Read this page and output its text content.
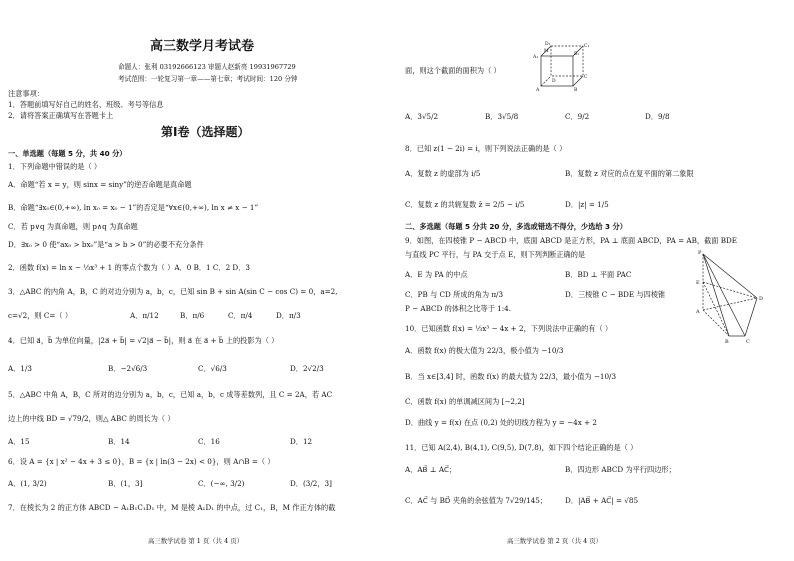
高三数学月考试卷
命题人：张利 03192666123 审题人赵新亮 19931967729
考试范围：一轮复习第一章——第七章；考试时间：120 分钟
注意事项：
1．答题前填写好自己的姓名、班级、考号等信息
2．请将答案正确填写在答题卡上
第Ⅰ卷（选择题）
一、单选题（每题 5 分，共 40 分）
1．下列命题中错误的是（ ）
A．命题“若 x = y，则 sinx = siny”的逆否命题是真命题
B．命题“∃x₀∈(0,+∞), ln x₀ = x₀ − 1”的否定是“∀x∈(0,+∞), ln x ≠ x − 1”
C．若 p∨q 为真命题，则 p∧q 为真命题
D．∃x₀ > 0 使“ax₀ > bx₀”是“a > b > 0”的必要不充分条件
2．函数 f(x) = ln x − ⅓x³ + 1 的零点个数为（ ）A．0 B．1 C．2 D．3
3．△ABC 的内角 A，B，C 的对边分别为 a，b，c，已知 sin B + sin A(sin C − cos C) = 0，a=2,
c=√2，则 C=（ ）	A．π/12	B．π/6	C．π/4	D．π/3
4．已知 a⃗，b⃗ 为单位向量，|2a⃗ + b⃗| = √2|a⃗ − b⃗|，则 a⃗ 在 a⃗ + b⃗ 上的投影为（ ）
A．1/3	B．−2√6/3	C．√6/3	D．2√2/3
5．△ABC 中角 A，B，C 所对的边分别为 a，b，c，已知 a，b，c 成等差数列，且 C = 2A，若 AC
边上的中线 BD = √79/2，则△ ABC 的周长为（ ）
A．15	B．14	C．16	D．12
6．设 A = {x | x² − 4x + 3 ≤ 0}，B = {x | ln(3 − 2x) < 0}，则 A∩B =（ ）
A．(1, 3/2)	B．(1，3]	C．(−∞, 3/2)	D．(3/2，3]
7．在棱长为 2 的正方体 ABCD − A₁B₁C₁D₁ 中，M 是棱 A₁D₁ 的中点，过 C₁，B，M 作正方体的截
高三数学试卷 第 1 页（共 4 页）
D₁	C₁
A₁
B₁
M
C
D
A	B
面，则这个截面的面积为（ ）
A．3√5/2	B．3√5/8	C．9/2	D．9/8
8．已知 z(1 − 2i) = i，则下列说法正确的是（ ）
A．复数 z 的虚部为 i/5	B．复数 z 对应的点在复平面的第二象限
C．复数 z 的共轭复数 z̄ = 2/5 − i/5	D．|z| = 1/5
二、多选题（每题 5 分共 20 分，多选或错选不得分，少选给 3 分）
9．如图，在四棱锥 P − ABCD 中，底面 ABCD 是正方形，PA ⊥ 底面 ABCD，PA = AB，截面 BDE
与直线 PC 平行，与 PA 交于点 E，则下列判断正确的是	P
E
A
D
B	C
A．E 为 PA 的中点	B．BD ⊥ 平面 PAC
C．PB 与 CD 所成的角为 π/3	D．三棱锥 C − BDE 与四棱锥
P − ABCD 的体积之比等于 1:4.
10．已知函数 f(x) = ⅓x³ − 4x + 2，下列说法中正确的有（ ）
A．函数 f(x) 的极大值为 22/3，极小值为 −10/3
B．当 x∈[3,4] 时，函数 f(x) 的最大值为 22/3，最小值为 −10/3
C．函数 f(x) 的单调减区间为 [−2,2]
D．曲线 y = f(x) 在点 (0,2) 处的切线方程为 y = −4x + 2
11．已知 A(2,4), B(4,1), C(9,5), D(7,8)，如下四个结论正确的是（ ）
A．AB⃗ ⊥ AC⃗；	B．四边形 ABCD 为平行四边形；
C．AC⃗ 与 BD⃗ 夹角的余弦值为 7√29/145；	D．|AB⃗ + AC⃗| = √85
高三数学试卷 第 2 页（共 4 页）
